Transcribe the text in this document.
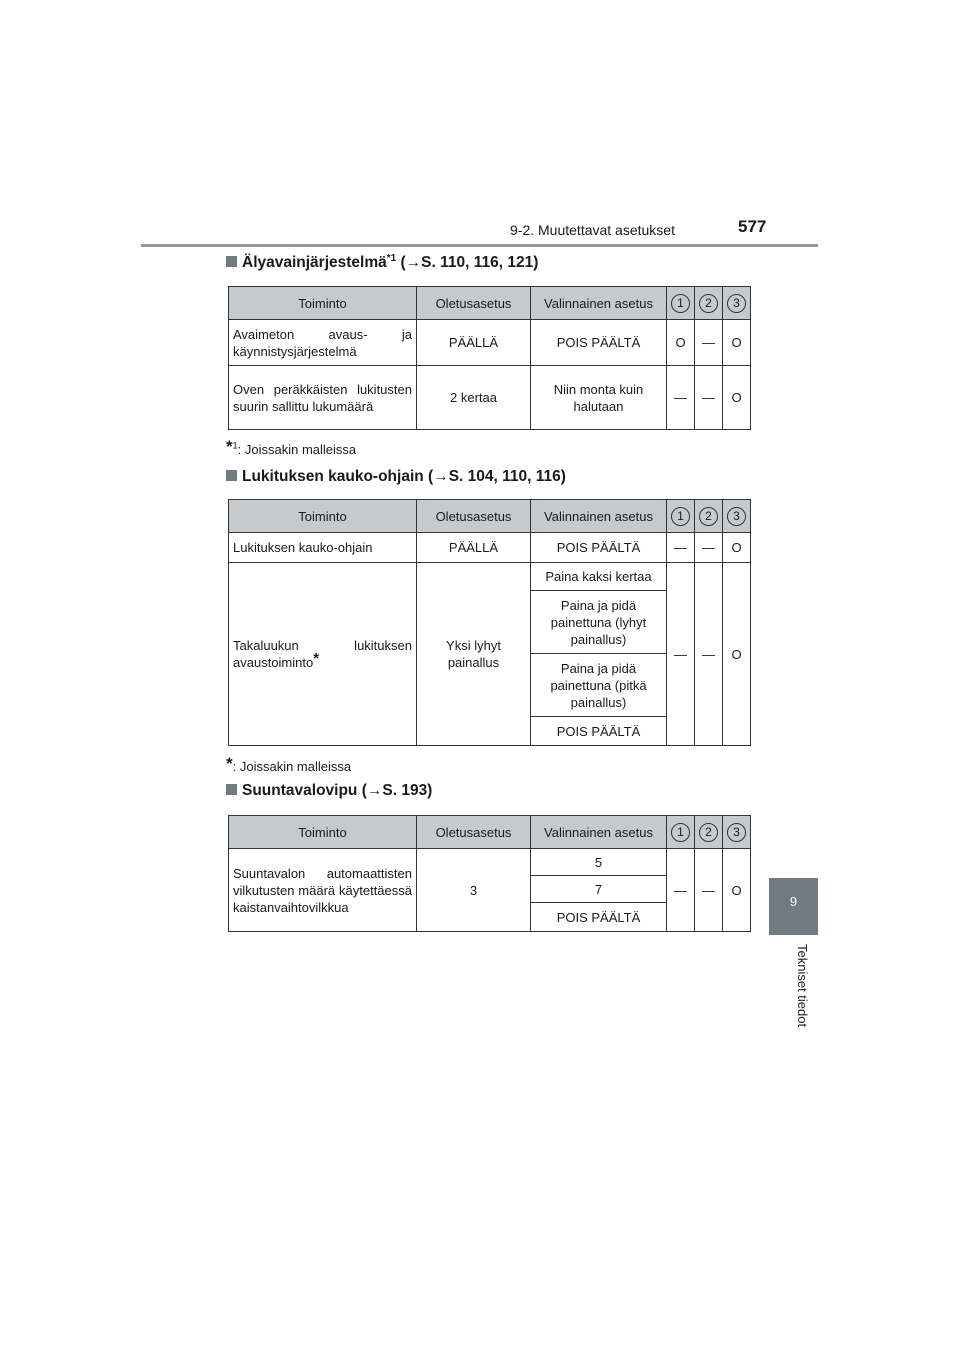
9-2. Muutettavat asetukset	577
9
Tekniset tiedot
Älyavainjärjestelmä$^{*1}$ (→S. 110, 116, 121)
Toiminto	Oletusasetus	Valinnainen asetus	1	2	3
Avaimeton avaus- ja käynnistysjärjestelmä	PÄÄLLÄ	POIS PÄÄLTÄ	O	—	O
Oven peräkkäisten lukitusten suurin sallittu lukumäärä	2 kertaa	Niin monta kuin halutaan	—	—	O
*$^1$: Joissakin malleissa
Lukituksen kauko-ohjain (→S. 104, 110, 116)
Toiminto	Oletusasetus	Valinnainen asetus	1	2	3
Lukituksen kauko-ohjain	PÄÄLLÄ	POIS PÄÄLTÄ	—	—	O
Takaluukun lukituksen avaustoiminto*	Yksi lyhyt painallus	Paina kaksi kertaa	—	—	O
		Paina ja pidä painettuna (lyhyt painallus)			
		Paina ja pidä painettuna (pitkä painallus)			
		POIS PÄÄLTÄ			
*: Joissakin malleissa
Suuntavalovipu (→S. 193)
Toiminto	Oletusasetus	Valinnainen asetus	1	2	3
Suuntavalon automaattisten vilkutusten määrä käytettäessä kaistanvaihtovilkkua	3	5	—	—	O
		7			
		POIS PÄÄLTÄ			
